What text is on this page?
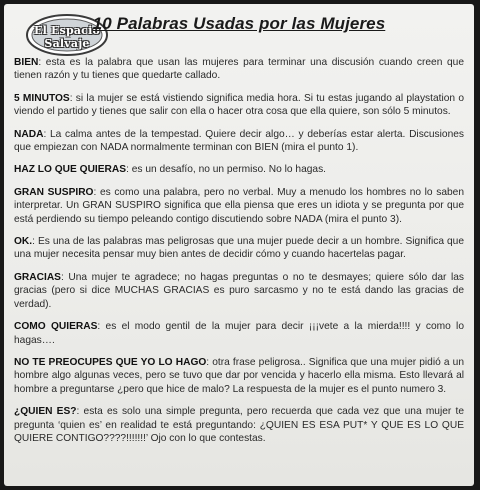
El Espacio
Salvaje
10 Palabras Usadas por las Mujeres

BIEN: esta es la palabra que usan las mujeres para terminar una discusión cuando creen que tienen razón y tu tienes que quedarte callado.

5 MINUTOS: si la mujer se está vistiendo significa media hora. Si tu estas jugando al playstation o viendo el partido y tienes que salir con ella o hacer otra cosa que ella quiere, son sólo 5 minutos.

NADA: La calma antes de la tempestad. Quiere decir algo… y deberías estar alerta. Discusiones que empiezan con NADA normalmente terminan con BIEN (mira el punto 1).

HAZ LO QUE QUIERAS: es un desafío, no un permiso. No lo hagas.

GRAN SUSPIRO: es como una palabra, pero no verbal. Muy a menudo los hombres no lo saben interpretar. Un GRAN SUSPIRO significa que ella piensa que eres un idiota y se pregunta por que está perdiendo su tiempo peleando contigo discutiendo sobre NADA (mira el punto 3).

OK.: Es una de las palabras mas peligrosas que una mujer puede decir a un hombre. Significa que una mujer necesita pensar muy bien antes de decidir cómo y cuando hacertelas pagar.

GRACIAS: Una mujer te agradece; no hagas preguntas o no te desmayes; quiere sólo dar las gracias (pero si dice MUCHAS GRACIAS es puro sarcasmo y no te está dando las gracias de verdad).

COMO QUIERAS: es el modo gentil de la mujer para decir ¡¡¡vete a la mierda!!!! y como lo hagas….

NO TE PREOCUPES QUE YO LO HAGO: otra frase peligrosa.. Significa que una mujer pidió a un hombre algo algunas veces, pero se tuvo que dar por vencida y hacerlo ella misma. Esto llevará al hombre a preguntarse ¿pero que hice de malo? La respuesta de la mujer es el punto numero 3.

¿QUIEN ES?: esta es solo una simple pregunta, pero recuerda que cada vez que una mujer te pregunta ‘quien es’ en realidad te está preguntando: ¿QUIEN ES ESA PUT* Y QUE ES LO QUE QUIERE CONTIGO????!!!!!!!’ Ojo con lo que contestas.
